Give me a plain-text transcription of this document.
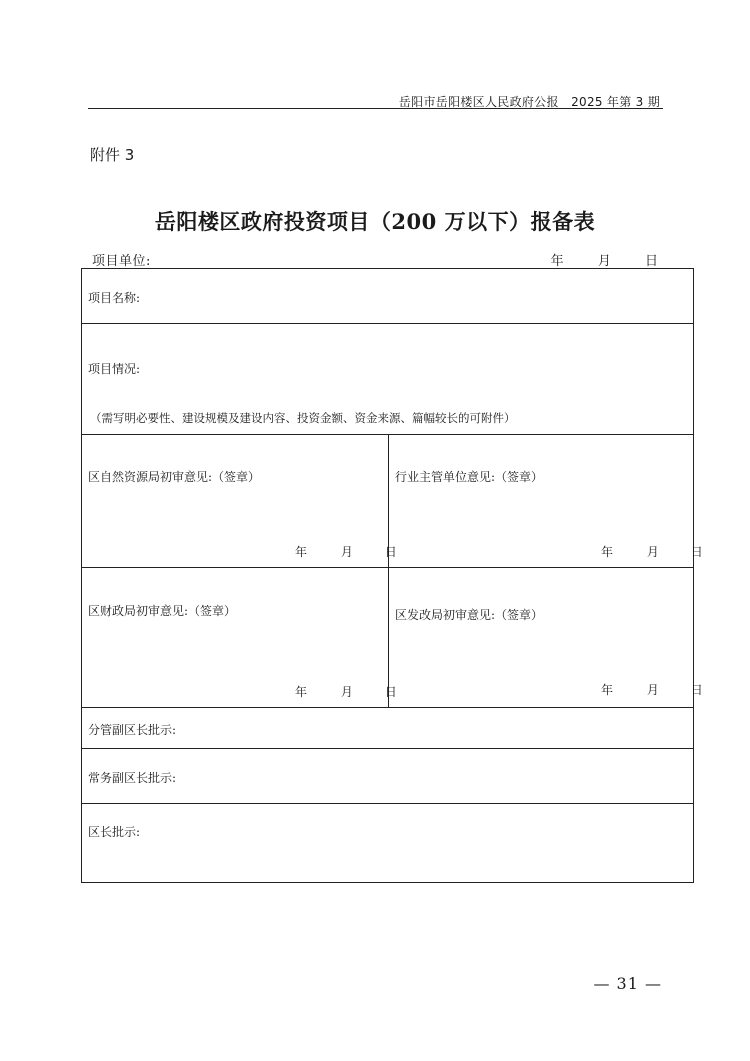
岳阳市岳阳楼区人民政府公报　2025 年第 3 期
附件 3
岳阳楼区政府投资项目（200 万以下）报备表
项目单位:	年	月	日
项目名称:
项目情况:
（需写明必要性、建设规模及建设内容、投资金额、资金来源、篇幅较长的可附件）
区自然资源局初审意见:（签章）
年	月	日
行业主管单位意见:（签章）
年	月	日
区财政局初审意见:（签章）
年	月	日
区发改局初审意见:（签章）
年	月	日
分管副区长批示:
常务副区长批示:
区长批示:
— 31 —
